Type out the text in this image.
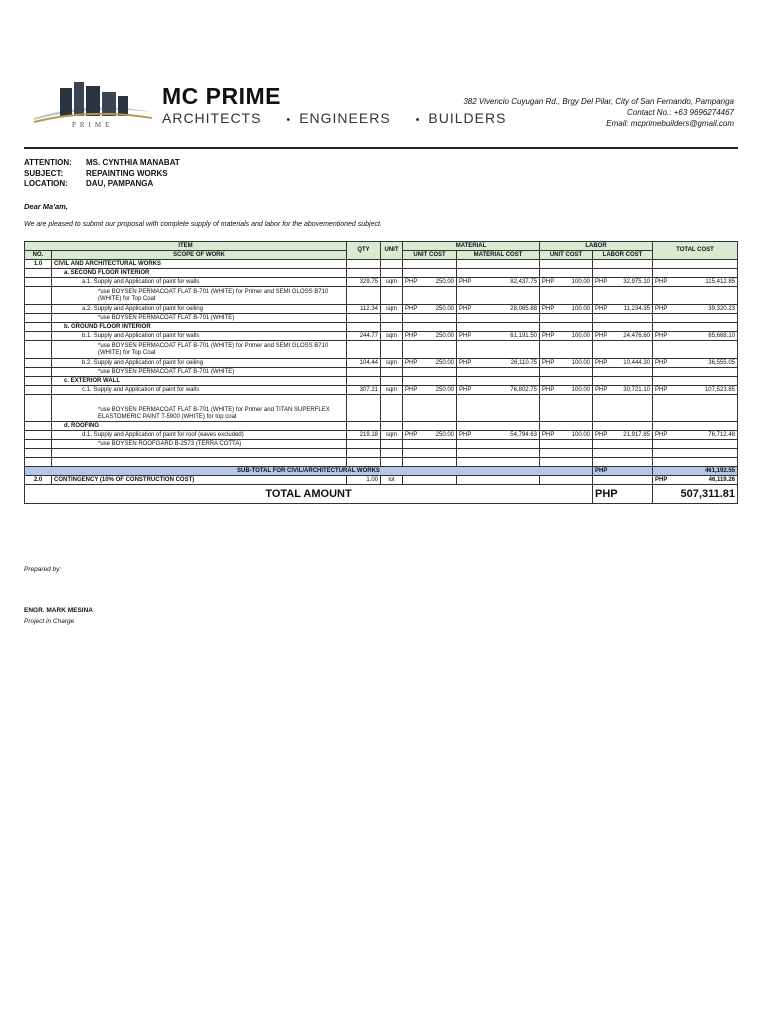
PRIME
MC PRIME
ARCHITECTS • ENGINEERS • BUILDERS
382 Vivencio Cuyugan Rd., Brgy Del Pilar, City of San Fernando, Pampanga
Contact No.: +63 9696274467
Email: mcprimebuilders@gmail.com
ATTENTION:	MS. CYNTHIA MANABAT
SUBJECT:	REPAINTING WORKS
LOCATION:	DAU, PAMPANGA
Dear Ma'am,
We are pleased to submit our proposal with complete supply of materials and labor for the abovementioned subject.
ITEM		QTY	UNIT	MATERIAL		LABOR		TOTAL COST
NO.	SCOPE OF WORK			UNIT COST	MATERIAL COST	UNIT COST	LABOR COST	
1.0	CIVIL AND ARCHITECTURAL WORKS							
	a. SECOND FLOOR INTERIOR							
	a.1. Supply and Application of paint for walls	329.75	sqm	PHP 250.00	PHP 82,437.75	PHP 100.00	PHP 32,975.10	PHP 115,412.85

	*use BOYSEN PERMACOAT FLAT B-701 (WHITE) for Primer and SEMI GLOSS B710 (WHITE) for Top Coat							
	a.2. Supply and Application of paint for ceiling	112.34	sqm	PHP 250.00	PHP 28,085.88	PHP 100.00	PHP 11,234.35	PHP 39,320.23

	*use BOYSEN PERMACOAT FLAT B-701 (WHITE)							
	b. GROUND FLOOR INTERIOR							
	b.1. Supply and Application of paint for walls	244.77	sqm	PHP 250.00	PHP 61,191.50	PHP 100.00	PHP 24,476.60	PHP 85,668.10

	*use BOYSEN PERMACOAT FLAT B-701 (WHITE) for Primer and SEMI GLOSS B710 (WHITE) for Top Coat							
	b.2. Supply and Application of paint for ceiling	104.44	sqm	PHP 250.00	PHP 26,110.75	PHP 100.00	PHP 10,444.30	PHP 36,555.05

	*use BOYSEN PERMACOAT FLAT B-701 (WHITE)							
	c. EXTERIOR WALL							
	c.1. Supply and Application of paint for walls	307.21	sqm	PHP 250.00	PHP 76,802.75	PHP 100.00	PHP 30,721.10	PHP 107,523.85

	*use BOYSEN PERMACOAT FLAT B-701 (WHITE) for Primer and TITAN SUPERFLEX ELASTOMERIC PAINT T-5900 (WHITE) for top coat							
	d. ROOFING							
	d.1. Supply and Application of paint for roof (eaves excluded)	219.18	sqm	PHP 250.00	PHP 54,794.63	PHP 100.00	PHP 21,917.85	PHP 76,712.48

	*use BOYSEN ROOFGARD B-2573 (TERRA COTTA)							

SUB-TOTAL FOR CIVIL/ARCHITECTURAL WORKS							PHP	461,192.55
2.0	CONTINGENCY (10% OF CONSTRUCTION COST)	1.00	lot					PHP 46,119.26

TOTAL AMOUNT							PHP	507,311.81
Prepared by:
ENGR. MARK MESINA
Project in Charge
